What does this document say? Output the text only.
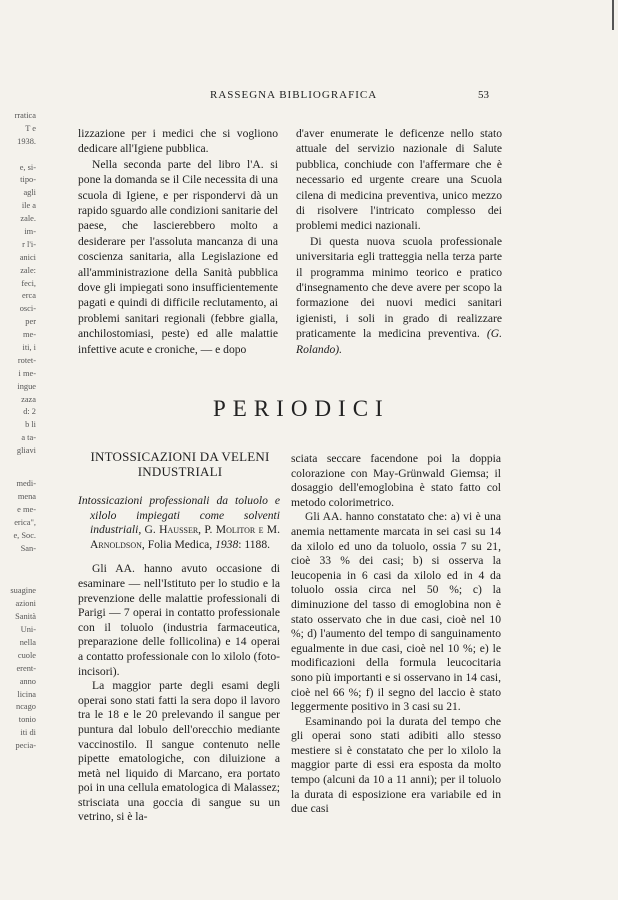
rratica
T e
1938.
e, si-
tipo-
agli
ile a
zale.
im-
r l'i-
anici
zale:
feci,
erca
osci-
per
me-
iti, i
rotet-
i me-
ingue
zaza
d: 2
b li
a ta-
gliavi
medi-
mena
e me-
erica",
e, Soc.
San-
suagine
azioni
Sanità
Uni-
nella
cuole
erent-
anno
licina
ncago
tonio
iti di
pecia-
RASSEGNA BIBLIOGRAFICA	53

lizzazione per i medici che si vogliono dedicare all'Igiene pubblica.

Nella seconda parte del libro l'A. si pone la domanda se il Cile necessita di una scuola di Igiene, e per rispondervi dà un rapido sguardo alle condizioni sanitarie del paese, che lascierebbero molto a desiderare per l'assoluta mancanza di una coscienza sanitaria, alla Legislazione ed all'amministrazione della Sanità pubblica dove gli impiegati sono insufficientemente pagati e quindi di difficile reclutamento, ai problemi sanitari regionali (febbre gialla, anchilostomiasi, peste) ed alle malattie infettive acute e croniche, — e dopo

d'aver enumerate le deficenze nello stato attuale del servizio nazionale di Salute pubblica, conchiude con l'affermare che è necessario ed urgente creare una Scuola cilena di medicina preventiva, unico mezzo di risolvere l'intricato complesso dei problemi medici nazionali.

Di questa nuova scuola professionale universitaria egli tratteggia nella terza parte il programma minimo teorico e pratico d'insegnamento che deve avere per scopo la formazione dei nuovi medici sanitari igienisti, i soli in grado di realizzare praticamente la medicina preventiva. (G. Rolando).

PERIODICI
INTOSSICAZIONI DA VELENI INDUSTRIALI

Intossicazioni professionali da toluolo e xilolo impiegati come solventi industriali, G. Hausser, P. Molitor e M. Arnoldson, Folia Medica, 1938: 1188.

Gli AA. hanno avuto occasione di esaminare — nell'Istituto per lo studio e la prevenzione delle malattie professionali di Parigi — 7 operai in contatto professionale con il toluolo (industria farmaceutica, preparazione delle follicolina) e 14 operai a contatto professionale con lo xilolo (foto-incisori).

La maggior parte degli esami degli operai sono stati fatti la sera dopo il lavoro tra le 18 e le 20 prelevando il sangue per puntura dal lobulo dell'orecchio mediante vaccinostilo. Il sangue contenuto nelle pipette ematologiche, con diluizione a metà nel liquido di Marcano, era portato poi in una cellula ematologica di Malassez; strisciata una goccia di sangue su un vetrino, si è la-

sciata seccare facendone poi la doppia colorazione con May-Grünwald Giemsa; il dosaggio dell'emoglobina è stato fatto col metodo colorimetrico.

Gli AA. hanno constatato che: a) vi è una anemia nettamente marcata in sei casi su 14 da xilolo ed uno da toluolo, ossia 7 su 21, cioè 33 % dei casi; b) si osserva la leucopenia in 6 casi da xilolo ed in 4 da toluolo ossia circa nel 50 %; c) la diminuzione del tasso di emoglobina non è stato osservato che in due casi, cioè nel 10 %; d) l'aumento del tempo di sanguinamento egualmente in due casi, cioè nel 10 %; e) le modificazioni della formula leucocitaria sono più importanti e si osservano in 14 casi, cioè nel 66 %; f) il segno del laccio è stato leggermente positivo in 3 casi su 21.

Esaminando poi la durata del tempo che gli operai sono stati adibiti allo stesso mestiere si è constatato che per lo xilolo la maggior parte di essi era esposta da molto tempo (alcuni da 10 a 11 anni); per il toluolo la durata di esposizione era variabile ed in due casi
